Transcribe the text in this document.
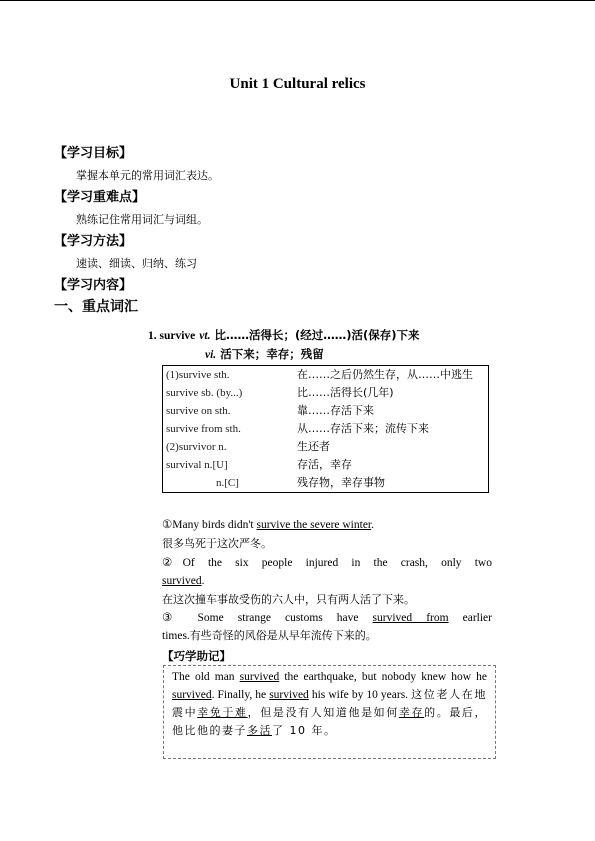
Unit 1 Cultural relics
【学习目标】
掌握本单元的常用词汇表达。
【学习重难点】
熟练记住常用词汇与词组。
【学习方法】
速读、细读、归纳、练习
【学习内容】
一、重点词汇
1. survive vt. 比……活得长；(经过……)活(保存)下来
vi. 活下来；幸存；残留
(1)survive sth.	在……之后仍然生存，从……中逃生
survive sb. (by...)	比……活得长(几年)
survive on sth.	靠……存活下来
survive from sth.	从……存活下来；流传下来
(2)survivor n.	生还者
survival n.[U]	存活，幸存
n.[C]	残存物，幸存事物
①Many birds didn't survive the severe winter.
很多鸟死于这次严冬。
②Of the six people injured in the crash, only two
survived.
在这次撞车事故受伤的六人中，只有两人活了下来。
③ Some strange customs have survived from earlier
times.有些奇怪的风俗是从早年流传下来的。
【巧学助记】
The old man survived the earthquake, but nobody knew how he survived. Finally, he survived his wife by 10 years. 这位老人在地震中幸免于难，但是没有人知道他是如何幸存的。最后，他比他的妻子多活了 10 年。
